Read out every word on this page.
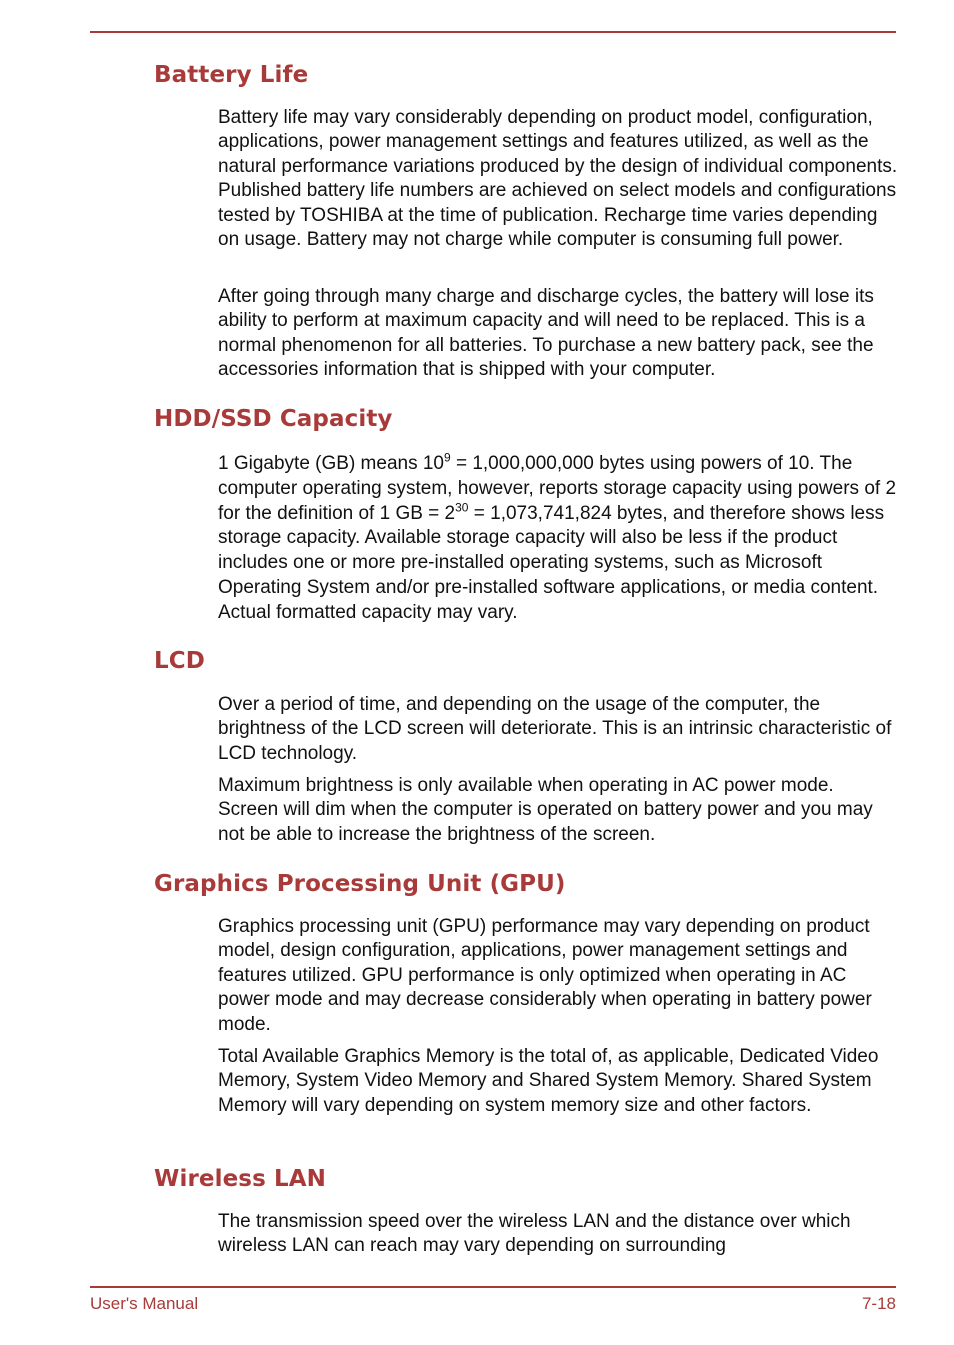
Battery Life

Battery life may vary considerably depending on product model, configuration, applications, power management settings and features utilized, as well as the natural performance variations produced by the design of individual components. Published battery life numbers are achieved on select models and configurations tested by TOSHIBA at the time of publication. Recharge time varies depending on usage. Battery may not charge while computer is consuming full power.

After going through many charge and discharge cycles, the battery will lose its ability to perform at maximum capacity and will need to be replaced. This is a normal phenomenon for all batteries. To purchase a new battery pack, see the accessories information that is shipped with your computer.

HDD/SSD Capacity

1 Gigabyte (GB) means $10^9 = 1,000,000,000$ bytes using powers of 10. The computer operating system, however, reports storage capacity using powers of 2 for the definition of 1 GB = $2^{30} = 1,073,741,824$ bytes, and therefore shows less storage capacity. Available storage capacity will also be less if the product includes one or more pre-installed operating systems, such as Microsoft Operating System and/or pre-installed software applications, or media content. Actual formatted capacity may vary.

LCD

Over a period of time, and depending on the usage of the computer, the brightness of the LCD screen will deteriorate. This is an intrinsic characteristic of LCD technology.

Maximum brightness is only available when operating in AC power mode. Screen will dim when the computer is operated on battery power and you may not be able to increase the brightness of the screen.

Graphics Processing Unit (GPU)

Graphics processing unit (GPU) performance may vary depending on product model, design configuration, applications, power management settings and features utilized. GPU performance is only optimized when operating in AC power mode and may decrease considerably when operating in battery power mode.

Total Available Graphics Memory is the total of, as applicable, Dedicated Video Memory, System Video Memory and Shared System Memory. Shared System Memory will vary depending on system memory size and other factors.

Wireless LAN

The transmission speed over the wireless LAN and the distance over which wireless LAN can reach may vary depending on surrounding

User's Manual	7-18
